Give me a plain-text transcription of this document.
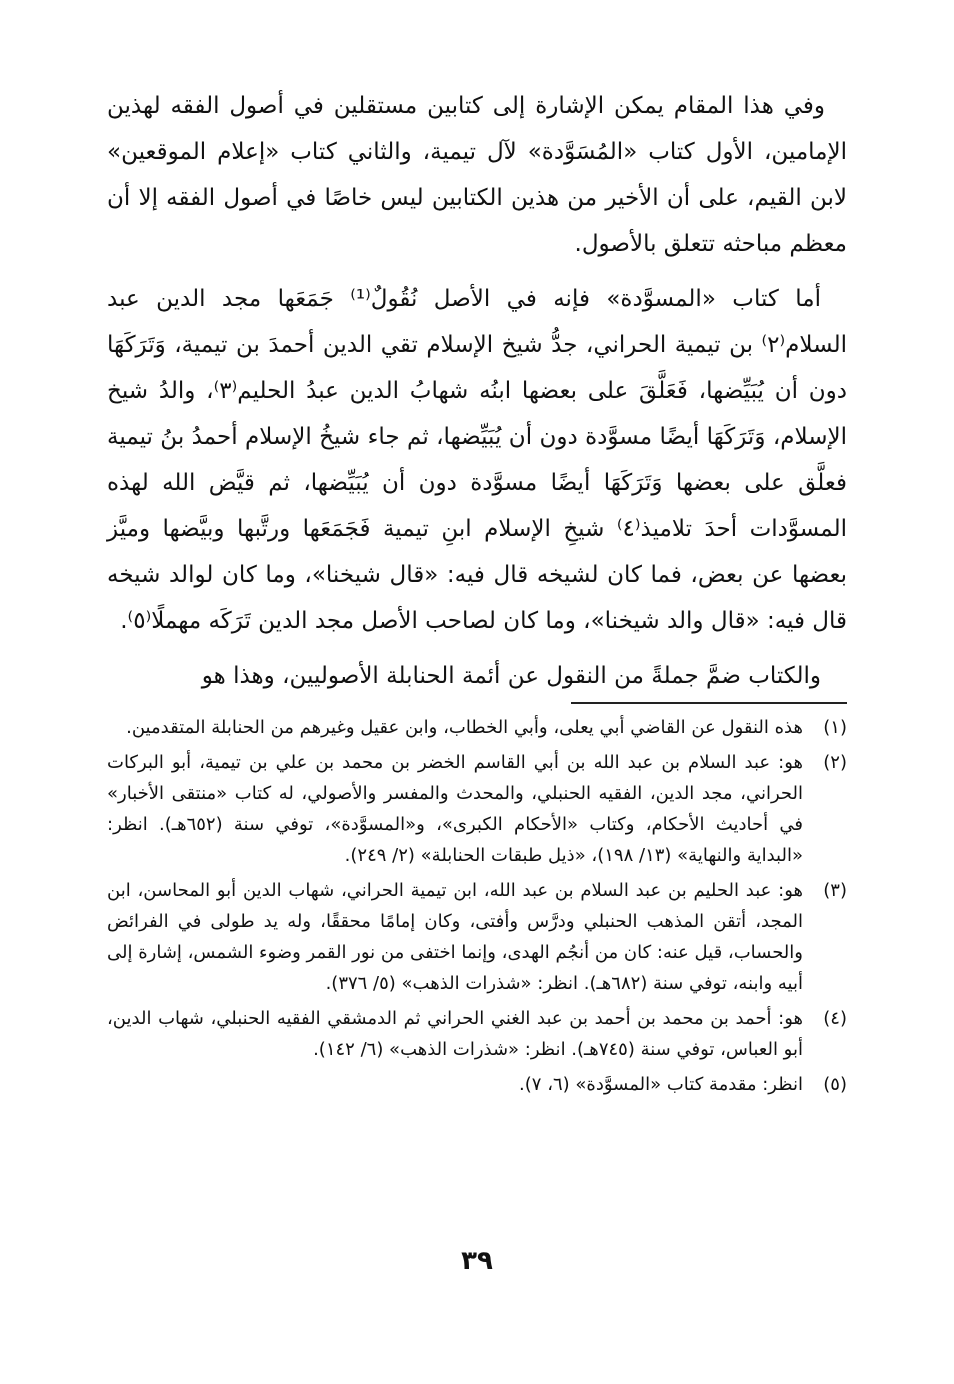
وفي هذا المقام يمكن الإشارة إلى كتابين مستقلين في أصول الفقه لهذين الإمامين، الأول كتاب «المُسَوَّدة» لآل تيمية، والثاني كتاب «إعلام الموقعين» لابن القيم، على أن الأخير من هذين الكتابين ليس خاصًا في أصول الفقه إلا أن معظم مباحثه تتعلق بالأصول.

أما كتاب «المسوَّدة» فإنه في الأصل نُقُولٌ⁽¹⁾ جَمَعَها مجد الدين عبد السلام⁽٢⁾ بن تيمية الحراني، جدُّ شيخ الإسلام تقي الدين أحمدَ بن تيمية، وَتَرَكَهَا دون أن يُبَيِّضها، فَعَلَّقَ على بعضها ابنُه شهابُ الدين عبدُ الحليم⁽٣⁾، والدُ شيخ الإسلام، وَتَرَكَهَا أيضًا مسوَّدة دون أن يُبَيِّضها، ثم جاء شيخُ الإسلام أحمدُ بنُ تيمية فعلَّق على بعضها وَتَرَكَهَا أيضًا مسوَّدة دون أن يُبَيِّضها، ثم قيَّض الله لهذه المسوَّدات أحدَ تلاميذ⁽٤⁾ شيخِ الإسلام ابنِ تيمية فَجَمَعَها ورتَّبها وبيَّضها وميَّز بعضها عن بعض، فما كان لشيخه قال فيه: «قال شيخنا»، وما كان لوالد شيخه قال فيه: «قال والد شيخنا»، وما كان لصاحب الأصل مجد الدين تَرَكَه مهملًا⁽٥⁾.

والكتاب ضمَّ جملةً من النقول عن أئمة الحنابلة الأصوليين، وهذا هو

(١)
هذه النقول عن القاضي أبي يعلى، وأبي الخطاب، وابن عقيل وغيرهم من الحنابلة المتقدمين.
(٢)
هو: عبد السلام بن عبد الله بن أبي القاسم الخضر بن محمد بن علي بن تيمية، أبو البركات الحراني، مجد الدين، الفقيه الحنبلي، والمحدث والمفسر والأصولي، له كتاب «منتقى الأخبار» في أحاديث الأحكام، وكتاب «الأحكام الكبرى»، و«المسوَّدة»، توفي سنة (٦٥٢هـ). انظر: «البداية والنهاية» (١٣/ ١٩٨)، «ذيل طبقات الحنابلة» (٢/ ٢٤٩).
(٣)
هو: عبد الحليم بن عبد السلام بن عبد الله، ابن تيمية الحراني، شهاب الدين أبو المحاسن، ابن المجد، أتقن المذهب الحنبلي ودرَّس وأفتى، وكان إمامًا محققًا، وله يد طولى في الفرائض والحساب، قيل عنه: كان من أنجُم الهدى، وإنما اختفى من نور القمر وضوء الشمس، إشارة إلى أبيه وابنه، توفي سنة (٦٨٢هـ). انظر: «شذرات الذهب» (٥/ ٣٧٦).
(٤)
هو: أحمد بن محمد بن أحمد بن عبد الغني الحراني ثم الدمشقي الفقيه الحنبلي، شهاب الدين، أبو العباس، توفي سنة (٧٤٥هـ). انظر: «شذرات الذهب» (٦/ ١٤٢).
(٥)
انظر: مقدمة كتاب «المسوَّدة» (٦، ٧).
٣٩
